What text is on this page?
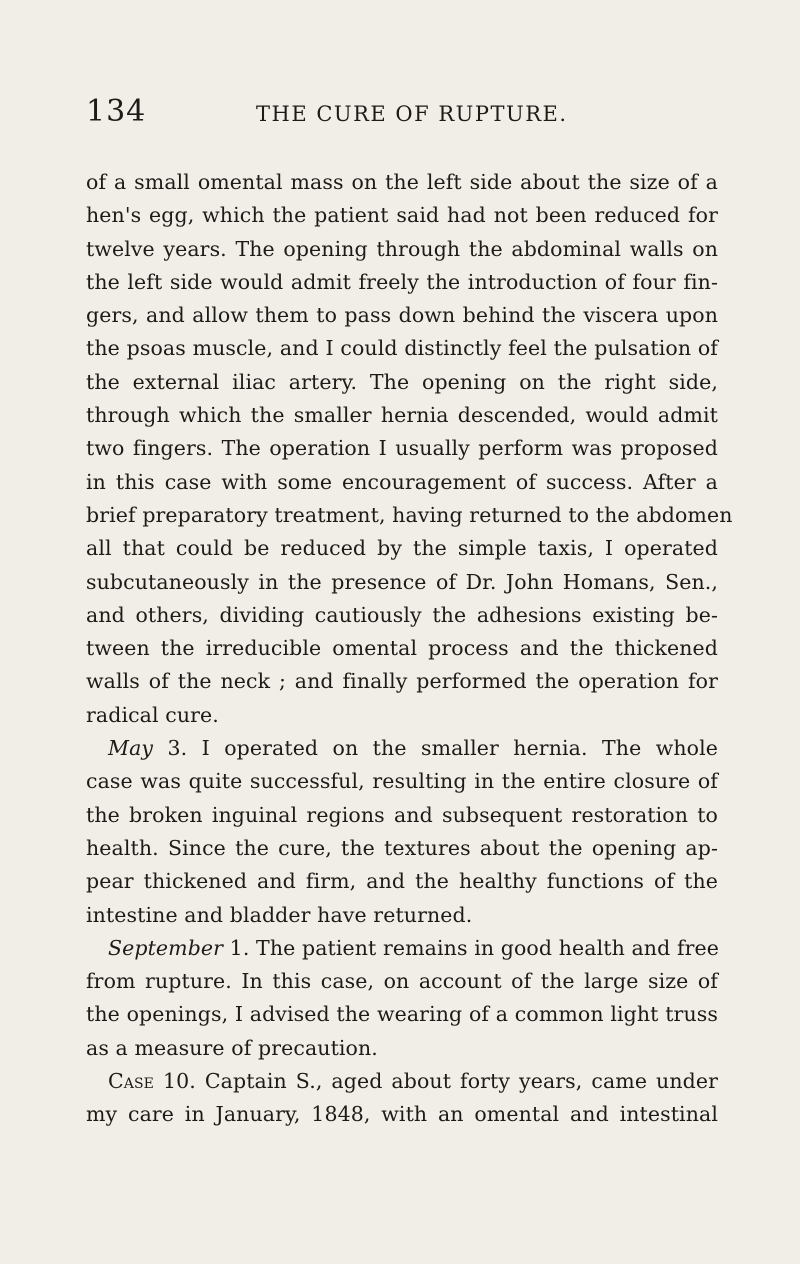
134	THE CURE OF RUPTURE.
of a small omental mass on the left side about the size of a
hen's egg, which the patient said had not been reduced for
twelve years. The opening through the abdominal walls on
the left side would admit freely the introduction of four fin-
gers, and allow them to pass down behind the viscera upon
the psoas muscle, and I could distinctly feel the pulsation of
the external iliac artery. The opening on the right side,
through which the smaller hernia descended, would admit
two fingers. The operation I usually perform was proposed
in this case with some encouragement of success. After a
brief preparatory treatment, having returned to the abdomen
all that could be reduced by the simple taxis, I operated
subcutaneously in the presence of Dr. John Homans, Sen.,
and others, dividing cautiously the adhesions existing be-
tween the irreducible omental process and the thickened
walls of the neck ; and finally performed the operation for
radical cure.
May 3. I operated on the smaller hernia. The whole
case was quite successful, resulting in the entire closure of
the broken inguinal regions and subsequent restoration to
health. Since the cure, the textures about the opening ap-
pear thickened and firm, and the healthy functions of the
intestine and bladder have returned.
September 1. The patient remains in good health and free
from rupture. In this case, on account of the large size of
the openings, I advised the wearing of a common light truss
as a measure of precaution.
Case 10. Captain S., aged about forty years, came under
my care in January, 1848, with an omental and intestinal
